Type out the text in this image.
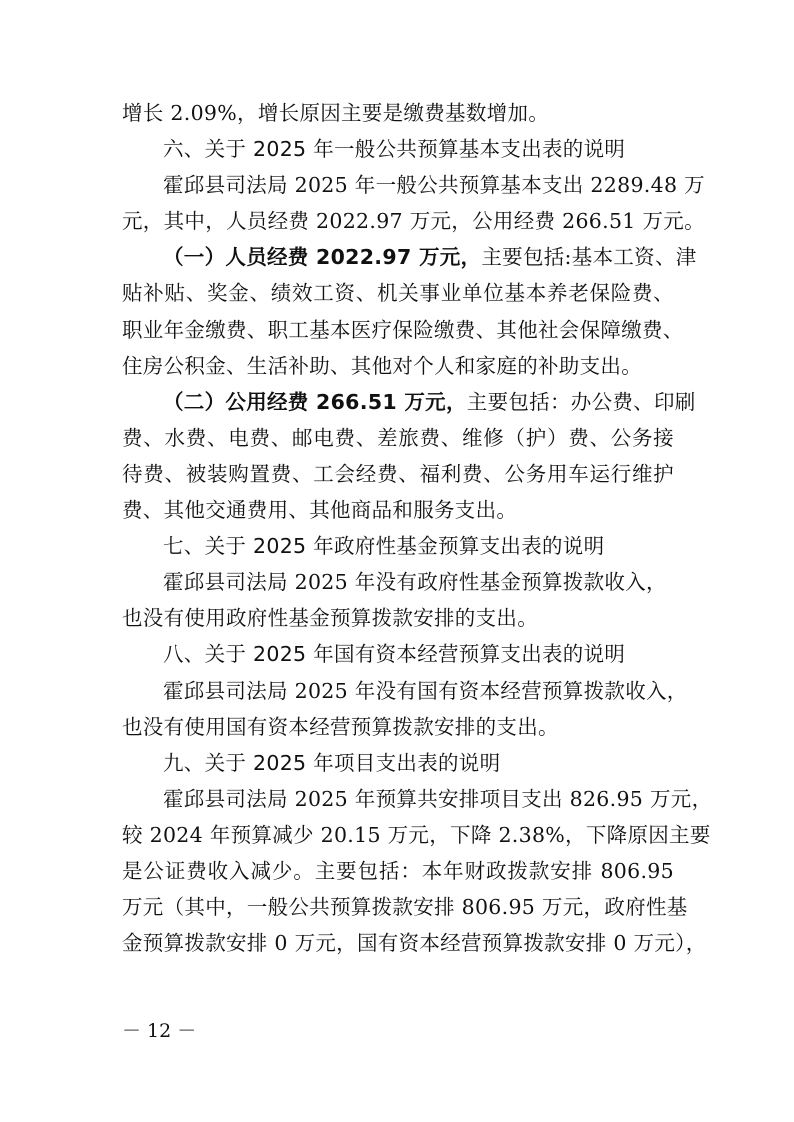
增长 2.09%，增长原因主要是缴费基数增加。
六、关于 2025 年一般公共预算基本支出表的说明
霍邱县司法局 2025 年一般公共预算基本支出 2289.48 万
元，其中，人员经费 2022.97 万元，公用经费 266.51 万元。
（一）人员经费 2022.97 万元，主要包括:基本工资、津
贴补贴、奖金、绩效工资、机关事业单位基本养老保险费、
职业年金缴费、职工基本医疗保险缴费、其他社会保障缴费、
住房公积金、生活补助、其他对个人和家庭的补助支出。
（二）公用经费 266.51 万元，主要包括：办公费、印刷
费、水费、电费、邮电费、差旅费、维修（护）费、公务接
待费、被装购置费、工会经费、福利费、公务用车运行维护
费、其他交通费用、其他商品和服务支出。
七、关于 2025 年政府性基金预算支出表的说明
霍邱县司法局 2025 年没有政府性基金预算拨款收入，
也没有使用政府性基金预算拨款安排的支出。
八、关于 2025 年国有资本经营预算支出表的说明
霍邱县司法局 2025 年没有国有资本经营预算拨款收入，
也没有使用国有资本经营预算拨款安排的支出。
九、关于 2025 年项目支出表的说明
霍邱县司法局 2025 年预算共安排项目支出 826.95 万元，
较 2024 年预算减少 20.15 万元，下降 2.38%，下降原因主要
是公证费收入减少。主要包括：本年财政拨款安排 806.95
万元（其中，一般公共预算拨款安排 806.95 万元，政府性基
金预算拨款安排 0 万元，国有资本经营预算拨款安排 0 万元），
－ 12 －
